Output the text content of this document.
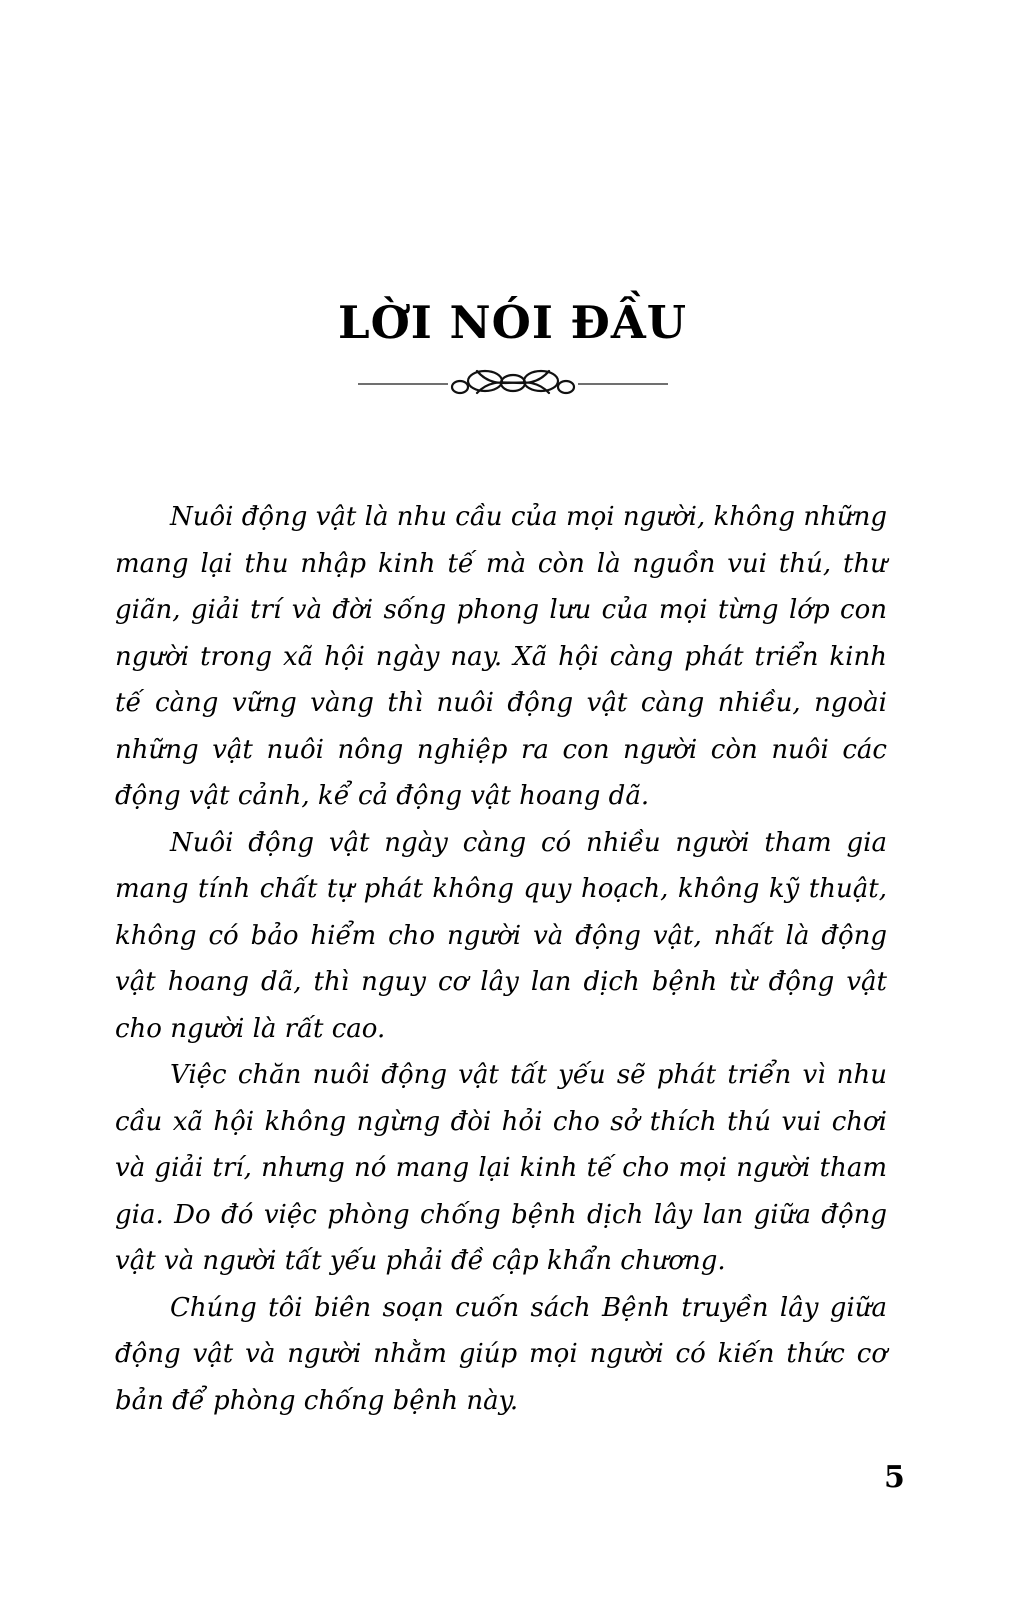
LỜI NÓI ĐẦU

Nuôi động vật là nhu cầu của mọi người, không những mang lại thu nhập kinh tế mà còn là nguồn vui thú, thư giãn, giải trí và đời sống phong lưu của mọi từng lớp con người trong xã hội ngày nay. Xã hội càng phát triển kinh tế càng vững vàng thì nuôi động vật càng nhiều, ngoài những vật nuôi nông nghiệp ra con người còn nuôi các động vật cảnh, kể cả động vật hoang dã.

Nuôi động vật ngày càng có nhiều người tham gia mang tính chất tự phát không quy hoạch, không kỹ thuật, không có bảo hiểm cho người và động vật, nhất là động vật hoang dã, thì nguy cơ lây lan dịch bệnh từ động vật cho người là rất cao.

Việc chăn nuôi động vật tất yếu sẽ phát triển vì nhu cầu xã hội không ngừng đòi hỏi cho sở thích thú vui chơi và giải trí, nhưng nó mang lại kinh tế cho mọi người tham gia. Do đó việc phòng chống bệnh dịch lây lan giữa động vật và người tất yếu phải đề cập khẩn chương.

Chúng tôi biên soạn cuốn sách Bệnh truyền lây giữa động vật và người nhằm giúp mọi người có kiến thức cơ bản để phòng chống bệnh này.

5
